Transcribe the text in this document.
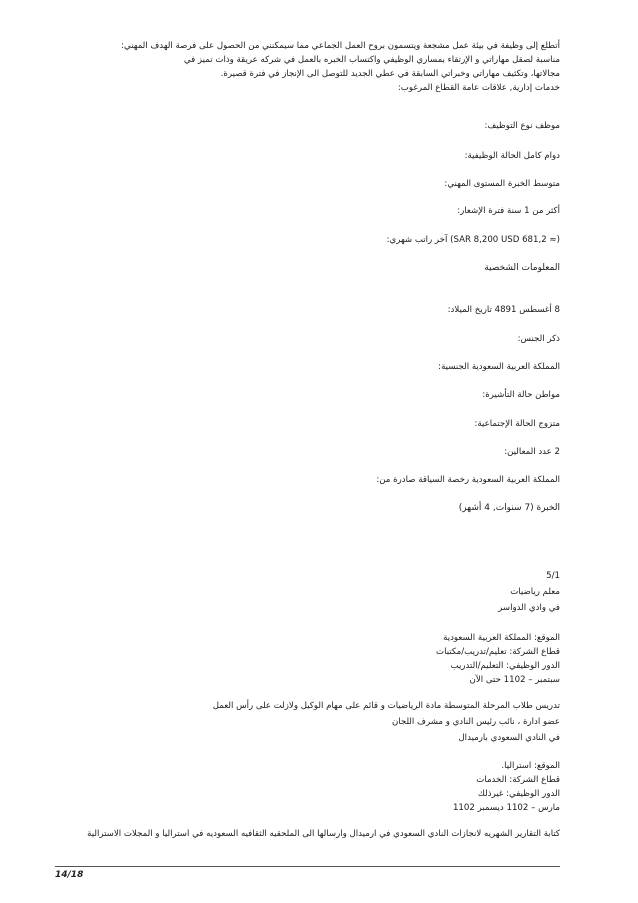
أتطلع إلى وظيفة في بيئة عمل مشجعة ويتسمون بروح العمل الجماعي مما سيمكنني من الحصول على فرصة الهدف المهني:
مناسبة لصقل مهاراتي و الإرتقاء بمساري الوظيفي واكتساب الخبره بالعمل في شركه عريقة وذات تميز في
مجالاتها، وتكثيف مهاراتي وخبراتي السابقة في عطي الجديد للتوصل الى الإنجاز في فترة قصيرة.
خدمات إدارية, علاقات عامة القطاع المرغوب:
موظف نوع التوظيف:
دوام كامل الحالة الوظيفية:
متوسط الخبرة المستوى المهني:
أكثر من 1 سنة فترة الإشعار:
(≈ SAR 8,200 USD 681,2) آخر راتب شهري:
المعلومات الشخصية
8 أغسطس 4891 تاريخ الميلاد:
ذكر الجنس:
المملكة العربية السعودية الجنسية:
مواطن حالة التأشيرة:
متزوج الحالة الإجتماعية:
2 عدد المعالين:
المملكة العربية السعودية رخصة السياقة صادرة من:
الخبرة (7 سنوات, 4 أشهر)
5/1
معلم رياضيات
في وادي الدواسر
الموقع: المملكة العربية السعودية
قطاع الشركة: تعليم/تدريب/مكتبات
الدور الوظيفي: التعليم/التدريب
سبتمبر – 1102 حتى الآن
تدريس طلاب المرحلة المتوسطة مادة الرياضيات و قائم على مهام الوكيل ولازلت على رأس العمل
عضو ادارة ، نائب رئيس النادي و مشرف اللجان
في النادي السعودي بارميدال
الموقع: استراليا.
قطاع الشركة: الخدمات
الدور الوظيفي: غيرذلك
مارس – 1102 ديسمبر 1102
كتابة التقارير الشهريه لانجازات النادي السعودي في ارميدال وارسالها الى الملحقيه الثقافيه السعوديه في استراليا و المجلات الاسترالية
14/18
